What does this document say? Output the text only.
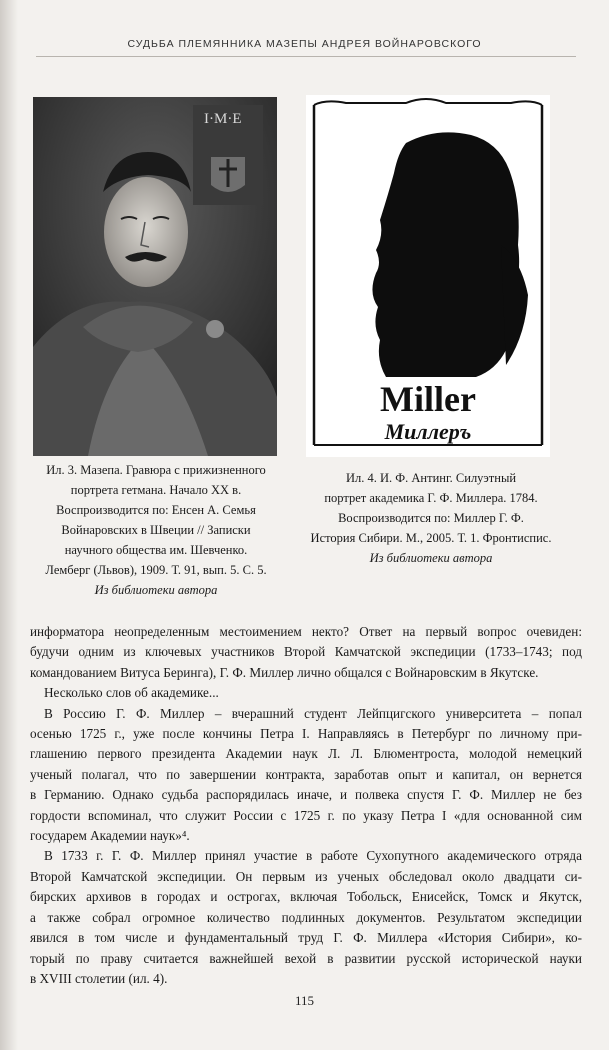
СУДЬБА ПЛЕМЯННИКА МАЗЕПЫ АНДРЕЯ ВОЙНАРОВСКОГО
I·M·E
Miller
Миллеръ
Ил. 3. Мазепа. Гравюра с прижизненного
портрета гетмана. Начало XX в.
Воспроизводится по: Енсен А. Семья
Войнаровских в Швеции // Записки
научного общества им. Шевченко.
Лемберг (Львов), 1909. Т. 91, вып. 5. С. 5.
Из библиотеки автора
Ил. 4. И. Ф. Антинг. Силуэтный
портрет академика Г. Ф. Миллера. 1784.
Воспроизводится по: Миллер Г. Ф.
История Сибири. М., 2005. Т. 1. Фронтиспис.
Из библиотеки автора
информатора неопределенным местоимением некто? Ответ на первый вопрос очевиден:
будучи одним из ключевых участников Второй Камчатской экспедиции (1733–1743; под
командованием Витуса Беринга), Г. Ф. Миллер лично общался с Войнаровским в Якутске.
Несколько слов об академике...
В Россию Г. Ф. Миллер – вчерашний студент Лейпцигского университета – попал
осенью 1725 г., уже после кончины Петра I. Направляясь в Петербург по личному при-
глашению первого президента Академии наук Л. Л. Блюментроста, молодой немецкий
ученый полагал, что по завершении контракта, заработав опыт и капитал, он вернется
в Германию. Однако судьба распорядилась иначе, и полвека спустя Г. Ф. Миллер не без
гордости вспоминал, что служит России с 1725 г. по указу Петра I «для основанной сим
государем Академии наук»⁴.
В 1733 г. Г. Ф. Миллер принял участие в работе Сухопутного академического отряда
Второй Камчатской экспедиции. Он первым из ученых обследовал около двадцати си-
бирских архивов в городах и острогах, включая Тобольск, Енисейск, Томск и Якутск,
а также собрал огромное количество подлинных документов. Результатом экспедиции
явился в том числе и фундаментальный труд Г. Ф. Миллера «История Сибири», ко-
торый по праву считается важнейшей вехой в развитии русской исторической науки
в XVIII столетии (ил. 4).
115
